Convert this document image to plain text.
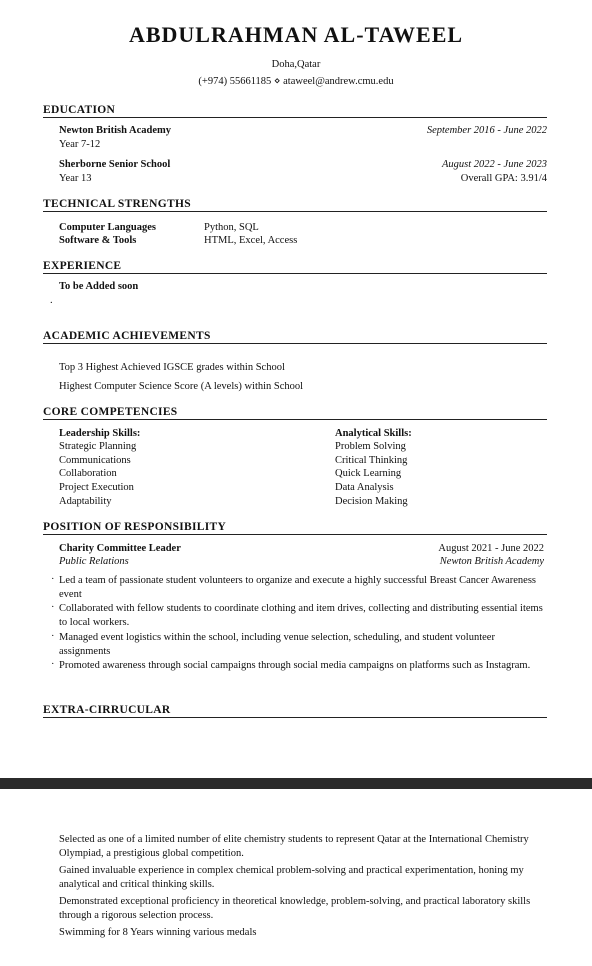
ABDULRAHMAN AL-TAWEEL
Doha,Qatar
(+974) 55661185 ⋄ ataweel@andrew.cmu.edu
EDUCATION
Newton British Academy	September 2016 - June 2022
Year 7-12
Sherborne Senior School	August 2022 - June 2023
Year 13	Overall GPA: 3.91/4
TECHNICAL STRENGTHS
Computer Languages	Python, SQL
Software & Tools	HTML, Excel, Access
EXPERIENCE
To be Added soon
.
ACADEMIC ACHIEVEMENTS
Top 3 Highest Achieved IGSCE grades within School
Highest Computer Science Score (A levels) within School
CORE COMPETENCIES
Leadership Skills:
Strategic Planning
Communications
Collaboration
Project Execution
Adaptability
Analytical Skills:
Problem Solving
Critical Thinking
Quick Learning
Data Analysis
Decision Making
POSITION OF RESPONSIBILITY
Charity Committee Leader	August 2021 - June 2022
Public Relations	Newton British Academy
· Led a team of passionate student volunteers to organize and execute a highly successful Breast Cancer Awareness event
· Collaborated with fellow students to coordinate clothing and item drives, collecting and distributing essential items to local workers.
· Managed event logistics within the school, including venue selection, scheduling, and student volunteer assignments
· Promoted awareness through social campaigns through social media campaigns on platforms such as Instagram.
EXTRA-CIRRUCULAR
Selected as one of a limited number of elite chemistry students to represent Qatar at the International Chemistry Olympiad, a prestigious global competition.
Gained invaluable experience in complex chemical problem-solving and practical experimentation, honing my analytical and critical thinking skills.
Demonstrated exceptional proficiency in theoretical knowledge, problem-solving, and practical laboratory skills through a rigorous selection process.
Swimming for 8 Years winning various medals
